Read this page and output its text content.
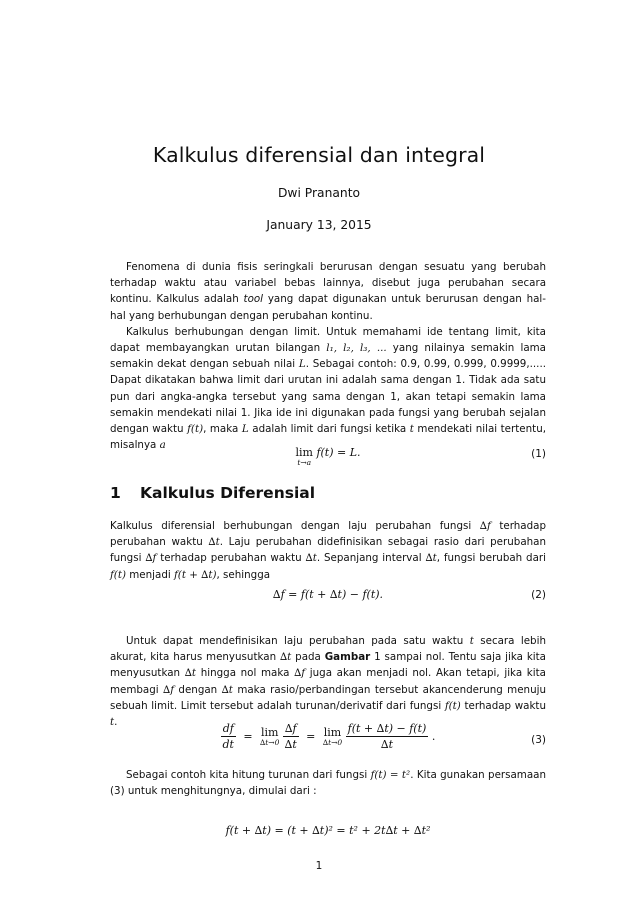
Kalkulus diferensial dan integral
Dwi Prananto
January 13, 2015

Fenomena di dunia fisis seringkali berurusan dengan sesuatu yang berubah terhadap waktu atau variabel bebas lainnya, disebut juga perubahan secara kontinu. Kalkulus adalah tool yang dapat digunakan untuk berurusan dengan hal-hal yang berhubungan dengan perubahan kontinu.

Kalkulus berhubungan dengan limit. Untuk memahami ide tentang limit, kita dapat membayangkan urutan bilangan l₁, l₂, l₃, ... yang nilainya semakin lama semakin dekat dengan sebuah nilai L. Sebagai contoh: 0.9, 0.99, 0.999, 0.9999,..... Dapat dikatakan bahwa limit dari urutan ini adalah sama dengan 1. Tidak ada satu pun dari angka-angka tersebut yang sama dengan 1, akan tetapi semakin lama semakin mendekati nilai 1. Jika ide ini digunakan pada fungsi yang berubah sejalan dengan waktu f(t), maka L adalah limit dari fungsi ketika t mendekati nilai tertentu, misalnya a

lim
t→a
f(t) = L.	(1)
1 Kalkulus Diferensial

Kalkulus diferensial berhubungan dengan laju perubahan fungsi ∆f terhadap perubahan waktu ∆t. Laju perubahan didefinisikan sebagai rasio dari perubahan fungsi ∆f terhadap perubahan waktu ∆t. Sepanjang interval ∆t, fungsi berubah dari f(t) menjadi f(t + ∆t), sehingga

∆f = f(t + ∆t) − f(t).	(2)

Untuk dapat mendefinisikan laju perubahan pada satu waktu t secara lebih akurat, kita harus menyusutkan ∆t pada Gambar 1 sampai nol. Tentu saja jika kita menyusutkan ∆t hingga nol maka ∆f juga akan menjadi nol. Akan tetapi, jika kita membagi ∆f dengan ∆t maka rasio/perbandingan tersebut akancenderung menuju sebuah limit. Limit tersebut adalah turunan/derivatif dari fungsi f(t) terhadap waktu t.	$\frac{df}{dt} = \lim$
∆t→0
$\frac{\Delta f}{\Delta t} = \lim$
∆t→0
$\frac{f(t + \Delta t) - f(t)}{\Delta t}$ .	(3)

Sebagai contoh kita hitung turunan dari fungsi f(t) = t². Kita gunakan persamaan (3) untuk menghitungnya, dimulai dari :

f(t + ∆t) = (t + ∆t)² = t² + 2t∆t + ∆t²
1
